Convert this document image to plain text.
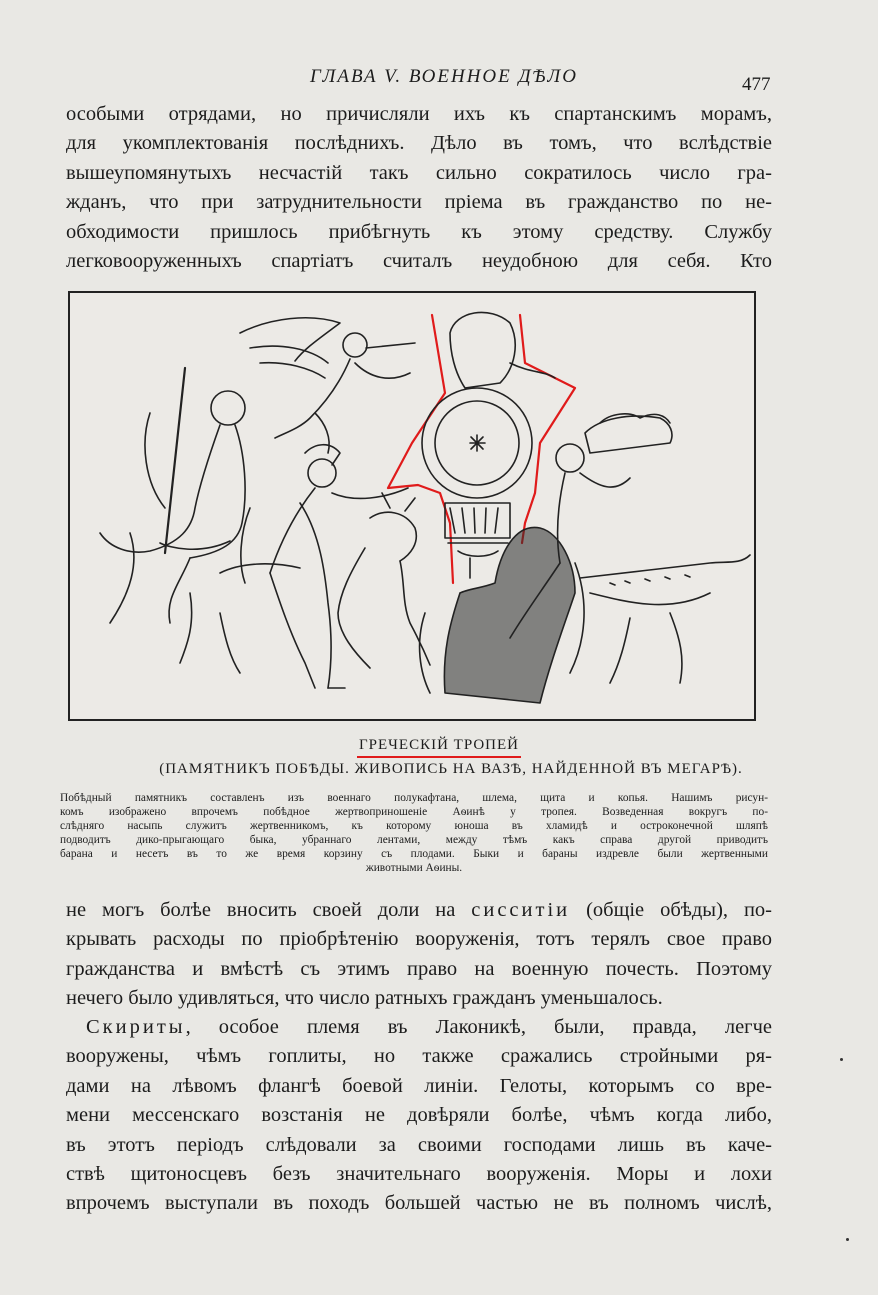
ГЛАВА V. ВОЕННОЕ ДѢЛО	477
особыми отрядами, но причисляли ихъ къ спартанскимъ морамъ,
для укомплектованія послѣднихъ. Дѣло въ томъ, что вслѣдствіе
вышеупомянутыхъ несчастій такъ сильно сократилось число гра-
жданъ, что при затруднительности пріема въ гражданство по не-
обходимости пришлось прибѣгнуть къ этому средству. Службу
легковооруженныхъ спартіатъ считалъ неудобною для себя. Кто
ГРЕЧЕСКІЙ ТРОПЕЙ
(ПАМЯТНИКЪ ПОБѢДЫ. ЖИВОПИСЬ НА ВАЗѢ, НАЙДЕННОЙ ВЪ МЕГАРѢ).
Побѣдный памятникъ составленъ изъ военнаго полукафтана, шлема, щита и копья. Нашимъ рисун-
комъ изображено впрочемъ побѣдное жертвоприношеніе Аѳинѣ у тропея. Возведенная вокругъ по-
слѣдняго насыпь служитъ жертвенникомъ, къ которому юноша въ хламидѣ и остроконечной шляпѣ
подводитъ дико-прыгающаго быка, убраннаго лентами, между тѣмъ какъ справа другой приводитъ
барана и несетъ въ то же время корзину съ плодами. Быки и бараны издревле были жертвенными
животными Аѳины.
не могъ болѣе вносить своей доли на сисситіи (общіе обѣды), по-
крывать расходы по пріобрѣтенію вооруженія, тотъ терялъ свое право
гражданства и вмѣстѣ съ этимъ право на военную почесть. Поэтому
нечего было удивляться, что число ратныхъ гражданъ уменьшалось.
Скириты, особое племя въ Лаконикѣ, были, правда, легче
вооружены, чѣмъ гоплиты, но также сражались стройными ря-
дами на лѣвомъ флангѣ боевой линіи. Гелоты, которымъ со вре-
мени мессенскаго возстанія не довѣряли болѣе, чѣмъ когда либо,
въ этотъ періодъ слѣдовали за своими господами лишь въ каче-
ствѣ щитоносцевъ безъ значительнаго вооруженія. Моры и лохи
впрочемъ выступали въ походъ большей частью не въ полномъ числѣ,
